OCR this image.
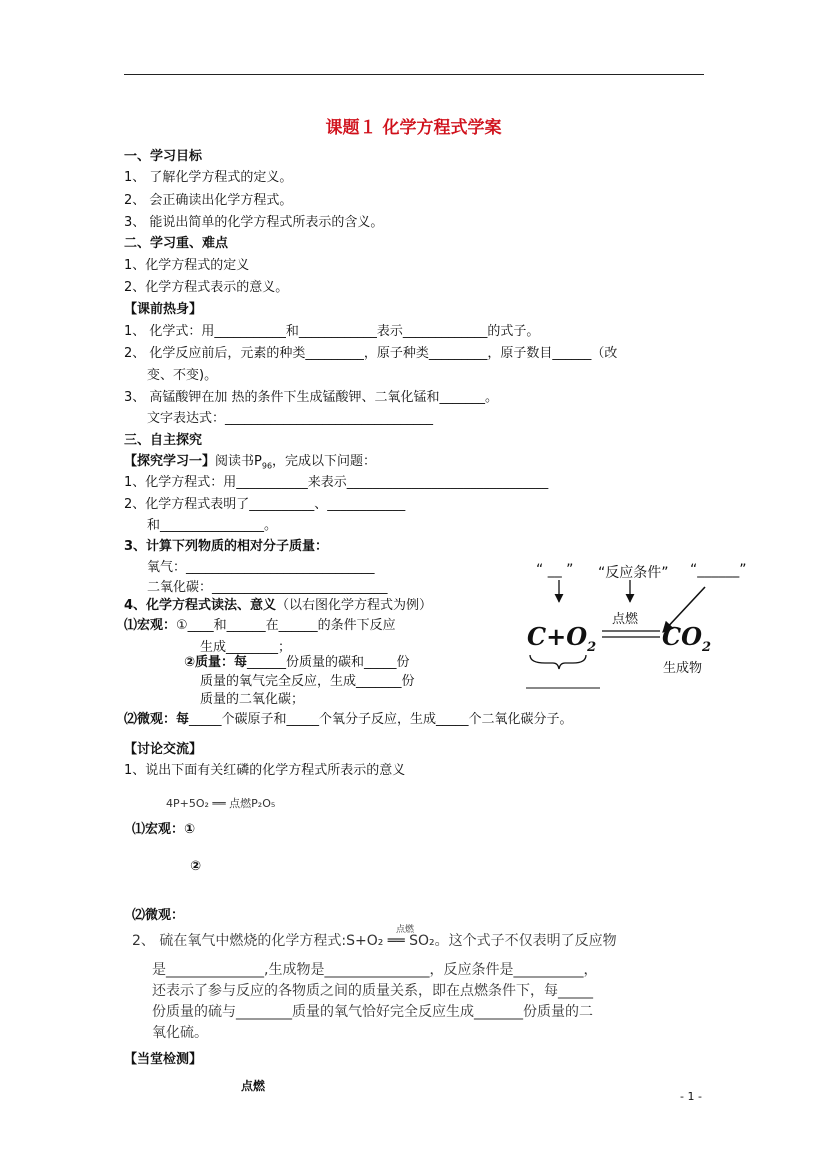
课题１ 化学方程式学案
一、学习目标
1、 了解化学方程式的定义。
2、 会正确读出化学方程式。
3、 能说出简单的化学方程式所表示的含义。
二、学习重、难点
1、化学方程式的定义
2、化学方程式表示的意义。
【课前热身】
1、 化学式：用___________和____________表示_____________的式子。
2、 化学反应前后，元素的种类_________，原子种类_________，原子数目______（改
变、不变)。
3、 高锰酸钾在加 热的条件下生成锰酸钾、二氧化锰和_______。
文字表达式：________________________________
三、自主探究
【探究学习一】阅读书$P_{96}$，完成以下问题：
1、化学方程式：用___________来表示_______________________________
2、化学方程式表明了__________、____________
和________________。
3、计算下列物质的相对分子质量：
氧气：_____________________________
二氧化碳：___________________________
4、化学方程式读法、意义（以右图化学方程式为例）
⑴宏观：①____和______在______的条件下反应
生成________；
②质量：每______份质量的碳和_____份
质量的氧气完全反应，生成_______份
质量的二氧化碳；
⑵微观：每_____个碳原子和_____个氧分子反应，生成_____个二氧化碳分子。
“ __ ” “反应条件” “______”
点燃
$C+O_2$	$CO_2$
生成物
【讨论交流】
1、说出下面有关红磷的化学方程式所表示的意义
4P+5O₂ ══ 点燃P₂O₅
⑴宏观：①
②
⑵微观：
点燃
2、 硫在氧气中燃烧的化学方程式:S+O₂ ══ SO₂。这个式子不仅表明了反应物
是______________,生成物是_______________，反应条件是__________，
还表示了参与反应的各物质之间的质量关系，即在点燃条件下，每_____
份质量的硫与________质量的氧气恰好完全反应生成_______份质量的二
氧化硫。
【当堂检测】
点燃
- 1 -
